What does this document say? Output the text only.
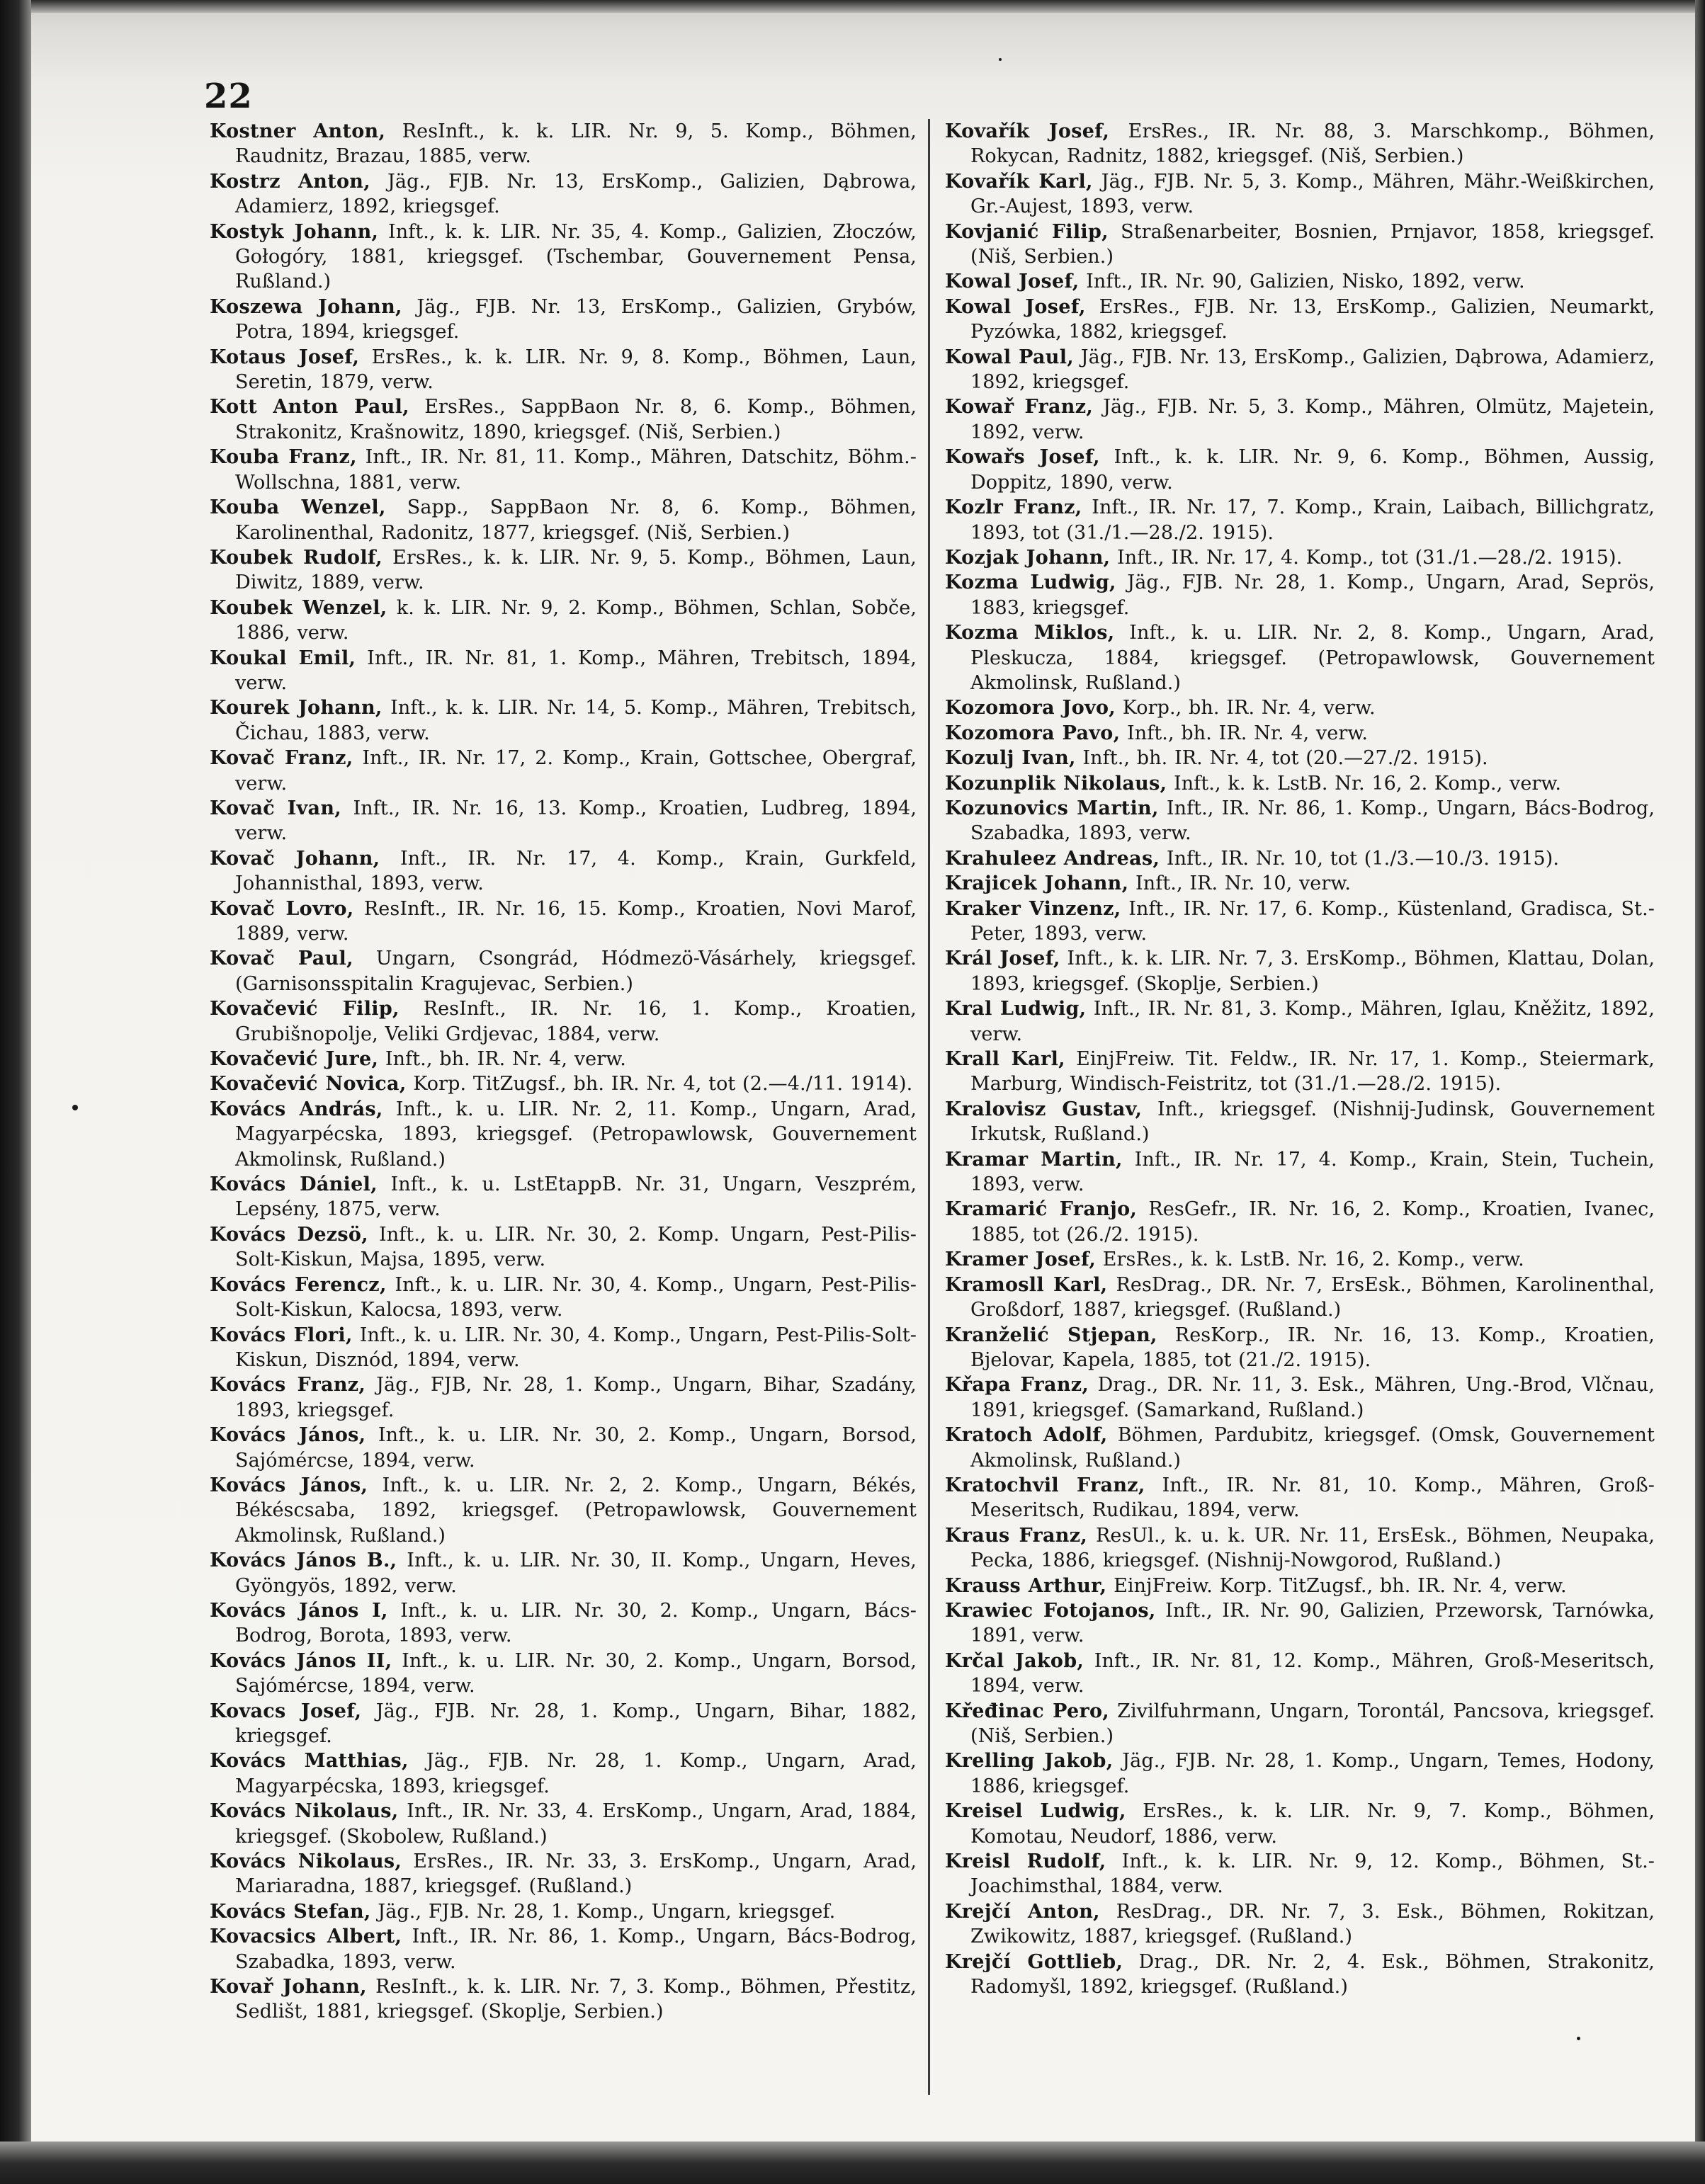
22

Kostner Anton, ResInft., k. k. LIR. Nr. 9, 5. Komp., Böhmen, Raudnitz, Brazau, 1885, verw.

Kostrz Anton, Jäg., FJB. Nr. 13, ErsKomp., Galizien, Dąbrowa, Adamierz, 1892, kriegsgef.

Kostyk Johann, Inft., k. k. LIR. Nr. 35, 4. Komp., Galizien, Złoczów, Gołogóry, 1881, kriegsgef. (Tschembar, Gouvernement Pensa, Rußland.)

Koszewa Johann, Jäg., FJB. Nr. 13, ErsKomp., Galizien, Grybów, Potra, 1894, kriegsgef.

Kotaus Josef, ErsRes., k. k. LIR. Nr. 9, 8. Komp., Böhmen, Laun, Seretin, 1879, verw.

Kott Anton Paul, ErsRes., SappBaon Nr. 8, 6. Komp., Böhmen, Strakonitz, Krašnowitz, 1890, kriegsgef. (Niš, Serbien.)

Kouba Franz, Inft., IR. Nr. 81, 11. Komp., Mähren, Datschitz, Böhm.-Wollschna, 1881, verw.

Kouba Wenzel, Sapp., SappBaon Nr. 8, 6. Komp., Böhmen, Karolinenthal, Radonitz, 1877, kriegsgef. (Niš, Serbien.)

Koubek Rudolf, ErsRes., k. k. LIR. Nr. 9, 5. Komp., Böhmen, Laun, Diwitz, 1889, verw.

Koubek Wenzel, k. k. LIR. Nr. 9, 2. Komp., Böhmen, Schlan, Sobče, 1886, verw.

Koukal Emil, Inft., IR. Nr. 81, 1. Komp., Mähren, Trebitsch, 1894, verw.

Kourek Johann, Inft., k. k. LIR. Nr. 14, 5. Komp., Mähren, Trebitsch, Čichau, 1883, verw.

Kovač Franz, Inft., IR. Nr. 17, 2. Komp., Krain, Gottschee, Obergraf, verw.

Kovač Ivan, Inft., IR. Nr. 16, 13. Komp., Kroatien, Ludbreg, 1894, verw.

Kovač Johann, Inft., IR. Nr. 17, 4. Komp., Krain, Gurkfeld, Johannisthal, 1893, verw.

Kovač Lovro, ResInft., IR. Nr. 16, 15. Komp., Kroatien, Novi Marof, 1889, verw.

Kovač Paul, Ungarn, Csongrád, Hódmezö-Vásárhely, kriegsgef. (Garnisonsspitalin Kragujevac, Serbien.)

Kovačević Filip, ResInft., IR. Nr. 16, 1. Komp., Kroatien, Grubišnopolje, Veliki Grdjevac, 1884, verw.

Kovačević Jure, Inft., bh. IR. Nr. 4, verw.

Kovačević Novica, Korp. TitZugsf., bh. IR. Nr. 4, tot (2.—4./11. 1914).

Kovács András, Inft., k. u. LIR. Nr. 2, 11. Komp., Ungarn, Arad, Magyarpécska, 1893, kriegsgef. (Petropawlowsk, Gouvernement Akmolinsk, Rußland.)

Kovács Dániel, Inft., k. u. LstEtappB. Nr. 31, Ungarn, Veszprém, Lepsény, 1875, verw.

Kovács Dezsö, Inft., k. u. LIR. Nr. 30, 2. Komp. Ungarn, Pest-Pilis-Solt-Kiskun, Majsa, 1895, verw.

Kovács Ferencz, Inft., k. u. LIR. Nr. 30, 4. Komp., Ungarn, Pest-Pilis-Solt-Kiskun, Kalocsa, 1893, verw.

Kovács Flori, Inft., k. u. LIR. Nr. 30, 4. Komp., Ungarn, Pest-Pilis-Solt-Kiskun, Disznód, 1894, verw.

Kovács Franz, Jäg., FJB, Nr. 28, 1. Komp., Ungarn, Bihar, Szadány, 1893, kriegsgef.

Kovács János, Inft., k. u. LIR. Nr. 30, 2. Komp., Ungarn, Borsod, Sajómércse, 1894, verw.

Kovács János, Inft., k. u. LIR. Nr. 2, 2. Komp., Ungarn, Békés, Békéscsaba, 1892, kriegsgef. (Petropawlowsk, Gouvernement Akmolinsk, Rußland.)

Kovács János B., Inft., k. u. LIR. Nr. 30, II. Komp., Ungarn, Heves, Gyöngyös, 1892, verw.

Kovács János I, Inft., k. u. LIR. Nr. 30, 2. Komp., Ungarn, Bács-Bodrog, Borota, 1893, verw.

Kovács János II, Inft., k. u. LIR. Nr. 30, 2. Komp., Ungarn, Borsod, Sajómércse, 1894, verw.

Kovacs Josef, Jäg., FJB. Nr. 28, 1. Komp., Ungarn, Bihar, 1882, kriegsgef.

Kovács Matthias, Jäg., FJB. Nr. 28, 1. Komp., Ungarn, Arad, Magyarpécska, 1893, kriegsgef.

Kovács Nikolaus, Inft., IR. Nr. 33, 4. ErsKomp., Ungarn, Arad, 1884, kriegsgef. (Skobolew, Rußland.)

Kovács Nikolaus, ErsRes., IR. Nr. 33, 3. ErsKomp., Ungarn, Arad, Mariaradna, 1887, kriegsgef. (Rußland.)

Kovács Stefan, Jäg., FJB. Nr. 28, 1. Komp., Ungarn, kriegsgef.

Kovacsics Albert, Inft., IR. Nr. 86, 1. Komp., Ungarn, Bács-Bodrog, Szabadka, 1893, verw.

Kovař Johann, ResInft., k. k. LIR. Nr. 7, 3. Komp., Böhmen, Přestitz, Sedlišt, 1881, kriegsgef. (Skoplje, Serbien.)

Kovařík Josef, ErsRes., IR. Nr. 88, 3. Marschkomp., Böhmen, Rokycan, Radnitz, 1882, kriegsgef. (Niš, Serbien.)

Kovařík Karl, Jäg., FJB. Nr. 5, 3. Komp., Mähren, Mähr.-Weißkirchen, Gr.-Aujest, 1893, verw.

Kovjanić Filip, Straßenarbeiter, Bosnien, Prnjavor, 1858, kriegsgef. (Niš, Serbien.)

Kowal Josef, Inft., IR. Nr. 90, Galizien, Nisko, 1892, verw.

Kowal Josef, ErsRes., FJB. Nr. 13, ErsKomp., Galizien, Neumarkt, Pyzówka, 1882, kriegsgef.

Kowal Paul, Jäg., FJB. Nr. 13, ErsKomp., Galizien, Dąbrowa, Adamierz, 1892, kriegsgef.

Kowař Franz, Jäg., FJB. Nr. 5, 3. Komp., Mähren, Olmütz, Majetein, 1892, verw.

Kowařs Josef, Inft., k. k. LIR. Nr. 9, 6. Komp., Böhmen, Aussig, Doppitz, 1890, verw.

Kozlr Franz, Inft., IR. Nr. 17, 7. Komp., Krain, Laibach, Billichgratz, 1893, tot (31./1.—28./2. 1915).

Kozjak Johann, Inft., IR. Nr. 17, 4. Komp., tot (31./1.—28./2. 1915).

Kozma Ludwig, Jäg., FJB. Nr. 28, 1. Komp., Ungarn, Arad, Seprös, 1883, kriegsgef.

Kozma Miklos, Inft., k. u. LIR. Nr. 2, 8. Komp., Ungarn, Arad, Pleskucza, 1884, kriegsgef. (Petropawlowsk, Gouvernement Akmolinsk, Rußland.)

Kozomora Jovo, Korp., bh. IR. Nr. 4, verw.

Kozomora Pavo, Inft., bh. IR. Nr. 4, verw.

Kozulj Ivan, Inft., bh. IR. Nr. 4, tot (20.—27./2. 1915).

Kozunplik Nikolaus, Inft., k. k. LstB. Nr. 16, 2. Komp., verw.

Kozunovics Martin, Inft., IR. Nr. 86, 1. Komp., Ungarn, Bács-Bodrog, Szabadka, 1893, verw.

Krahuleez Andreas, Inft., IR. Nr. 10, tot (1./3.—10./3. 1915).

Krajicek Johann, Inft., IR. Nr. 10, verw.

Kraker Vinzenz, Inft., IR. Nr. 17, 6. Komp., Küstenland, Gradisca, St.-Peter, 1893, verw.

Král Josef, Inft., k. k. LIR. Nr. 7, 3. ErsKomp., Böhmen, Klattau, Dolan, 1893, kriegsgef. (Skoplje, Serbien.)

Kral Ludwig, Inft., IR. Nr. 81, 3. Komp., Mähren, Iglau, Kněžitz, 1892, verw.

Krall Karl, EinjFreiw. Tit. Feldw., IR. Nr. 17, 1. Komp., Steiermark, Marburg, Windisch-Feistritz, tot (31./1.—28./2. 1915).

Kralovisz Gustav, Inft., kriegsgef. (Nishnij-Judinsk, Gouvernement Irkutsk, Rußland.)

Kramar Martin, Inft., IR. Nr. 17, 4. Komp., Krain, Stein, Tuchein, 1893, verw.

Kramarić Franjo, ResGefr., IR. Nr. 16, 2. Komp., Kroatien, Ivanec, 1885, tot (26./2. 1915).

Kramer Josef, ErsRes., k. k. LstB. Nr. 16, 2. Komp., verw.

Kramosll Karl, ResDrag., DR. Nr. 7, ErsEsk., Böhmen, Karolinenthal, Großdorf, 1887, kriegsgef. (Rußland.)

Kranželić Stjepan, ResKorp., IR. Nr. 16, 13. Komp., Kroatien, Bjelovar, Kapela, 1885, tot (21./2. 1915).

Křapa Franz, Drag., DR. Nr. 11, 3. Esk., Mähren, Ung.-Brod, Vlčnau, 1891, kriegsgef. (Samarkand, Rußland.)

Kratoch Adolf, Böhmen, Pardubitz, kriegsgef. (Omsk, Gouvernement Akmolinsk, Rußland.)

Kratochvil Franz, Inft., IR. Nr. 81, 10. Komp., Mähren, Groß-Meseritsch, Rudikau, 1894, verw.

Kraus Franz, ResUl., k. u. k. UR. Nr. 11, ErsEsk., Böhmen, Neupaka, Pecka, 1886, kriegsgef. (Nishnij-Nowgorod, Rußland.)

Krauss Arthur, EinjFreiw. Korp. TitZugsf., bh. IR. Nr. 4, verw.

Krawiec Fotojanos, Inft., IR. Nr. 90, Galizien, Przeworsk, Tarnówka, 1891, verw.

Krčal Jakob, Inft., IR. Nr. 81, 12. Komp., Mähren, Groß-Meseritsch, 1894, verw.

Křeđinac Pero, Zivilfuhrmann, Ungarn, Torontál, Pancsova, kriegsgef. (Niš, Serbien.)

Krelling Jakob, Jäg., FJB. Nr. 28, 1. Komp., Ungarn, Temes, Hodony, 1886, kriegsgef.

Kreisel Ludwig, ErsRes., k. k. LIR. Nr. 9, 7. Komp., Böhmen, Komotau, Neudorf, 1886, verw.

Kreisl Rudolf, Inft., k. k. LIR. Nr. 9, 12. Komp., Böhmen, St.-Joachimsthal, 1884, verw.

Krejčí Anton, ResDrag., DR. Nr. 7, 3. Esk., Böhmen, Rokitzan, Zwikowitz, 1887, kriegsgef. (Rußland.)

Krejčí Gottlieb, Drag., DR. Nr. 2, 4. Esk., Böhmen, Strakonitz, Radomyšl, 1892, kriegsgef. (Rußland.)
